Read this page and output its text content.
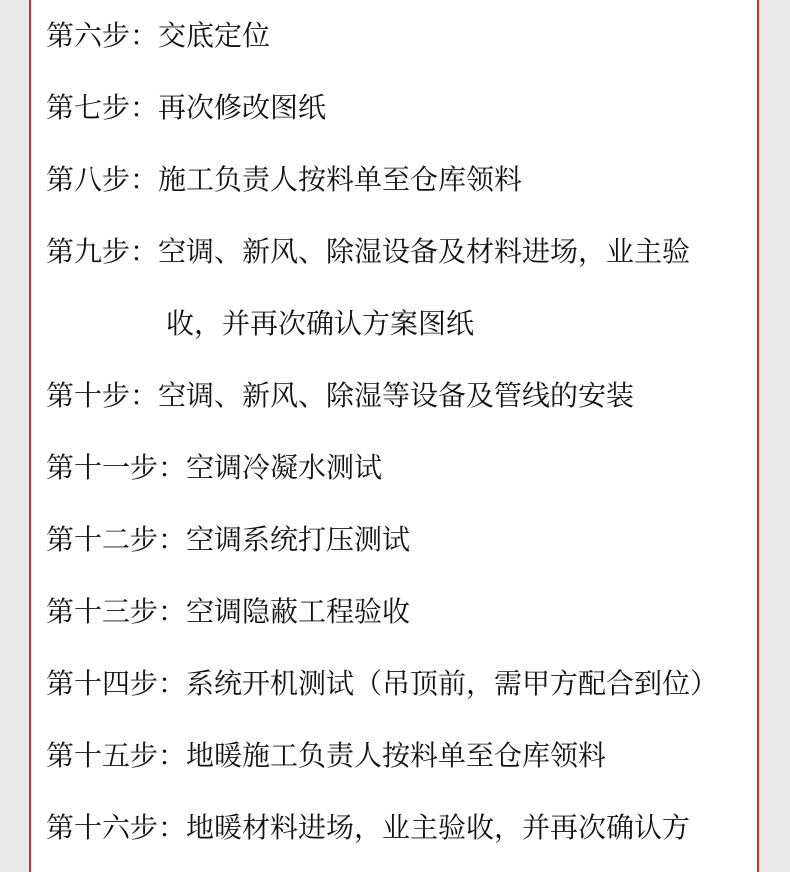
第六步：交底定位
第七步：再次修改图纸
第八步：施工负责人按料单至仓库领料
第九步：空调、新风、除湿设备及材料进场，业主验
收，并再次确认方案图纸
第十步：空调、新风、除湿等设备及管线的安装
第十一步：空调冷凝水测试
第十二步：空调系统打压测试
第十三步：空调隐蔽工程验收
第十四步：系统开机测试（吊顶前，需甲方配合到位）
第十五步：地暖施工负责人按料单至仓库领料
第十六步：地暖材料进场，业主验收，并再次确认方
